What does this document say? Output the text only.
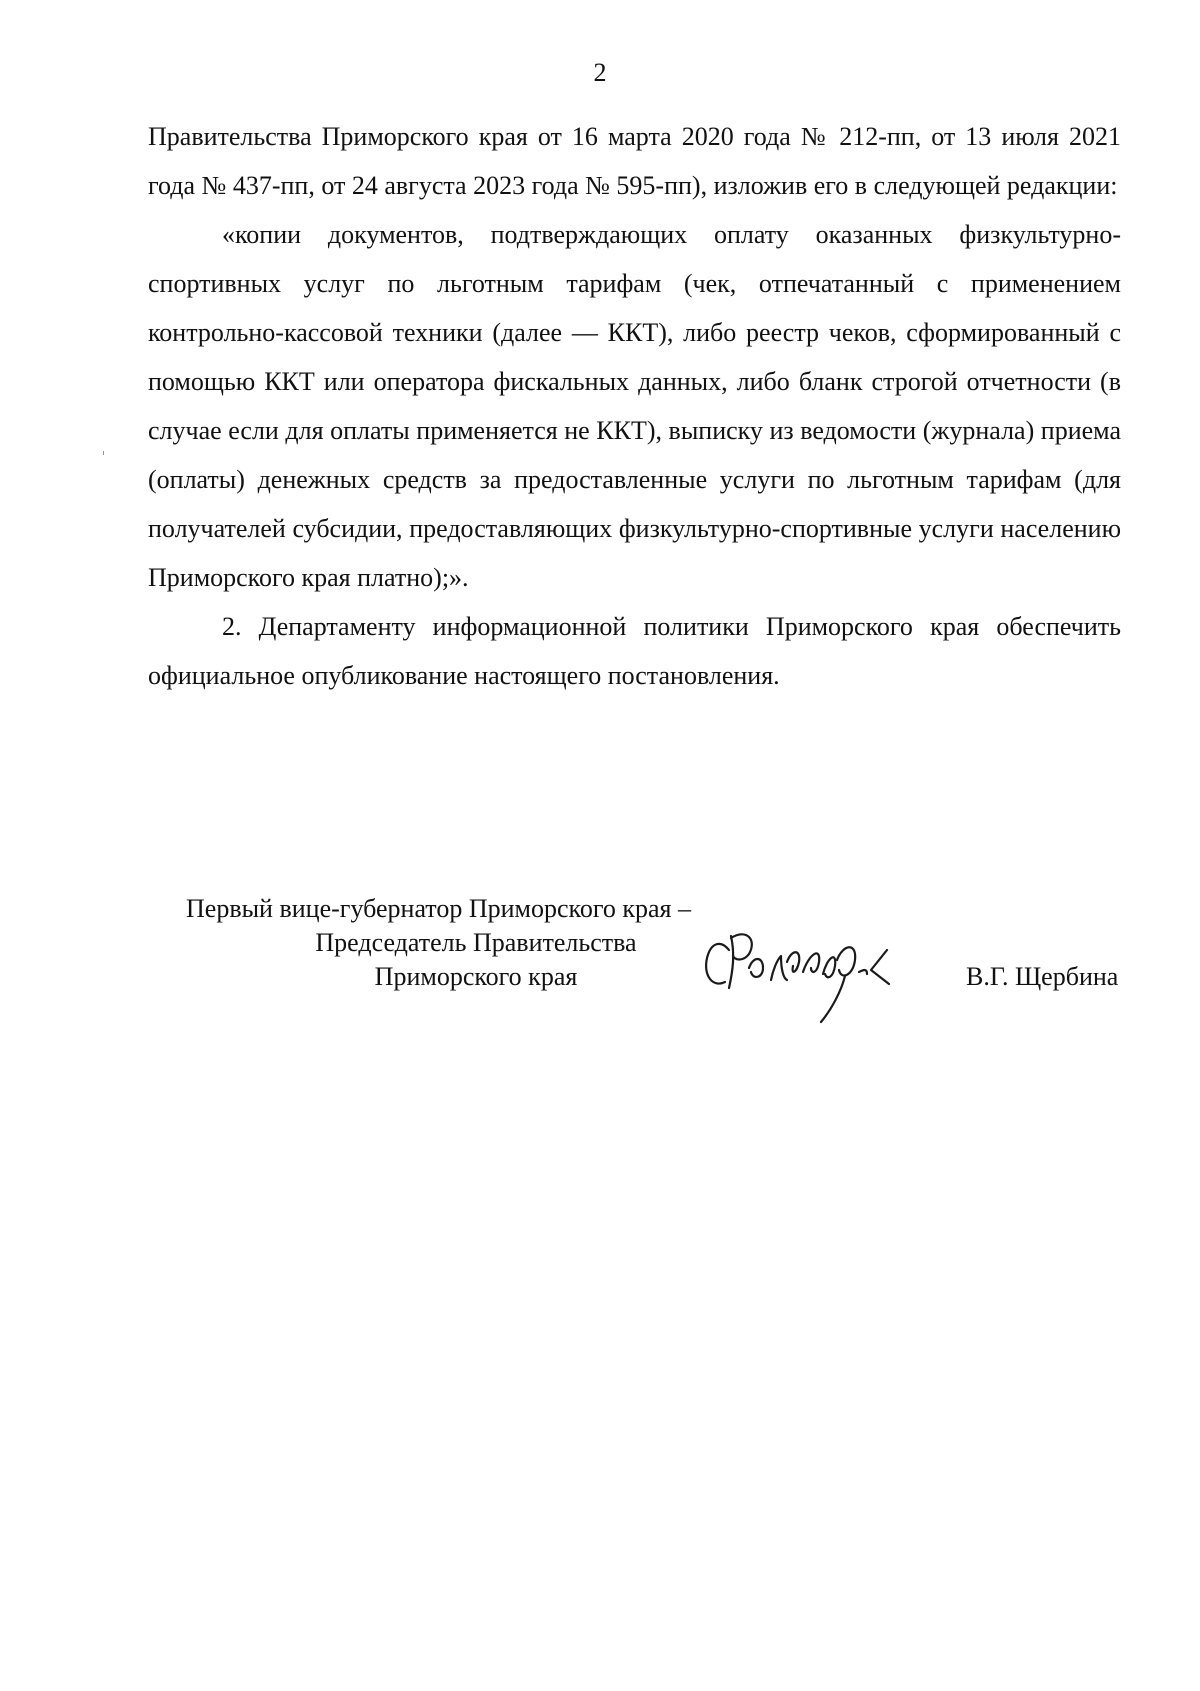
2

Правительства Приморского края от 16 марта 2020 года № 212-пп, от 13 июля 2021 года № 437-пп, от 24 августа 2023 года № 595-пп), изложив его в следующей редакции:

«копии документов, подтверждающих оплату оказанных физкультурно-спортивных услуг по льготным тарифам (чек, отпечатанный с применением контрольно-кассовой техники (далее — ККТ), либо реестр чеков, сформированный с помощью ККТ или оператора фискальных данных, либо бланк строгой отчетности (в случае если для оплаты применяется не ККТ), выписку из ведомости (журнала) приема (оплаты) денежных средств за предоставленные услуги по льготным тарифам (для получателей субсидии, предоставляющих физкультурно-спортивные услуги населению Приморского края платно);».

2. Департаменту информационной политики Приморского края обеспечить официальное опубликование настоящего постановления.

Первый вице-губернатор Приморского края –
Председатель Правительства
Приморского края	В.Г. Щербина
